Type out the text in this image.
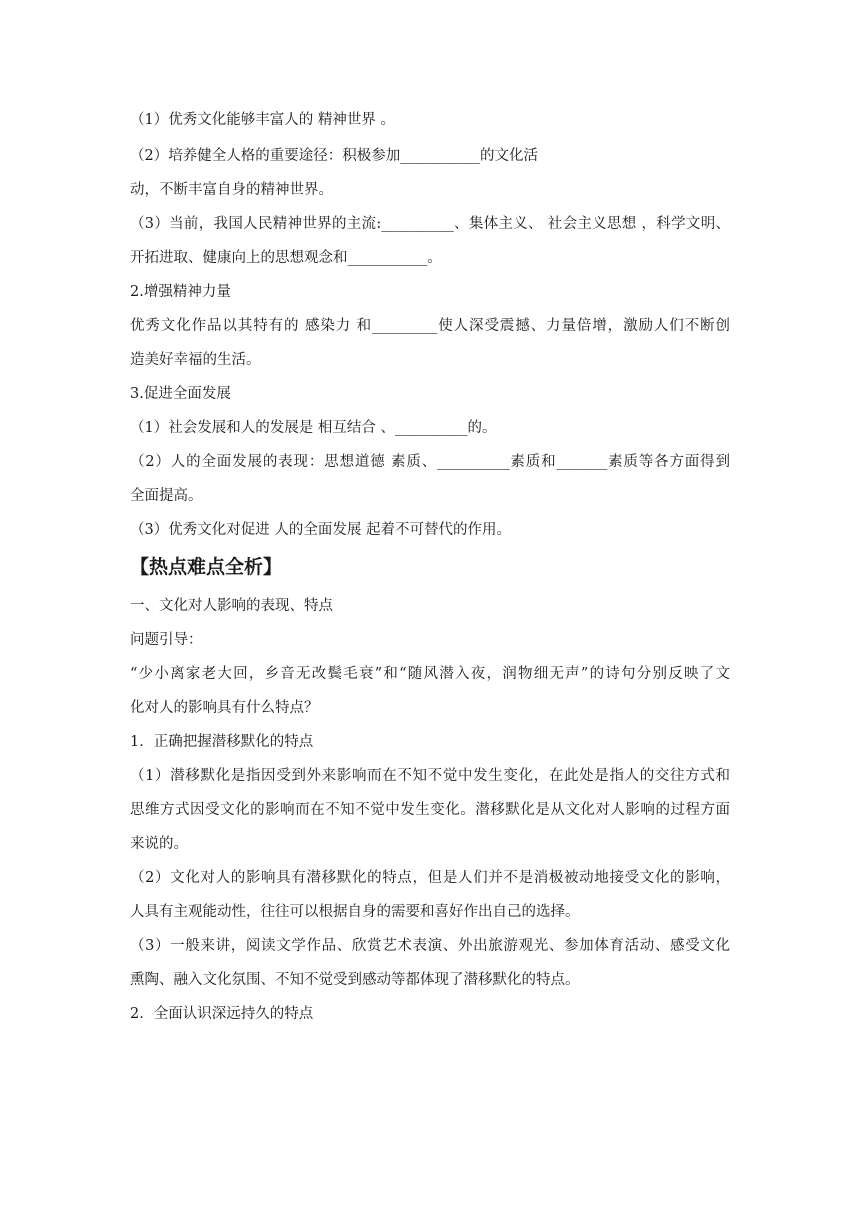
（1）优秀文化能够丰富人的 精神世界 。
（2）培养健全人格的重要途径：积极参加___________的文化活
动，不断丰富自身的精神世界。
（3）当前，我国人民精神世界的主流:__________、集体主义、 社会主义思想 ，科学文明、
开拓进取、健康向上的思想观念和___________。
2.增强精神力量
优秀文化作品以其特有的 感染力 和_________使人深受震撼、力量倍增，激励人们不断创
造美好幸福的生活。
3.促进全面发展
（1）社会发展和人的发展是 相互结合 、__________的。
（2）人的全面发展的表现：思想道德 素质、__________素质和_______素质等各方面得到
全面提高。
（3）优秀文化对促进 人的全面发展 起着不可替代的作用。
【热点难点全析】
一、文化对人影响的表现、特点
问题引导：
“少小离家老大回，乡音无改鬓毛衰”和“随风潜入夜，润物细无声”的诗句分别反映了文
化对人的影响具有什么特点？
1．正确把握潜移默化的特点
（1）潜移默化是指因受到外来影响而在不知不觉中发生变化，在此处是指人的交往方式和
思维方式因受文化的影响而在不知不觉中发生变化。潜移默化是从文化对人影响的过程方面
来说的。
（2）文化对人的影响具有潜移默化的特点，但是人们并不是消极被动地接受文化的影响，
人具有主观能动性，往往可以根据自身的需要和喜好作出自己的选择。
（3）一般来讲，阅读文学作品、欣赏艺术表演、外出旅游观光、参加体育活动、感受文化
熏陶、融入文化氛围、不知不觉受到感动等都体现了潜移默化的特点。
2．全面认识深远持久的特点
